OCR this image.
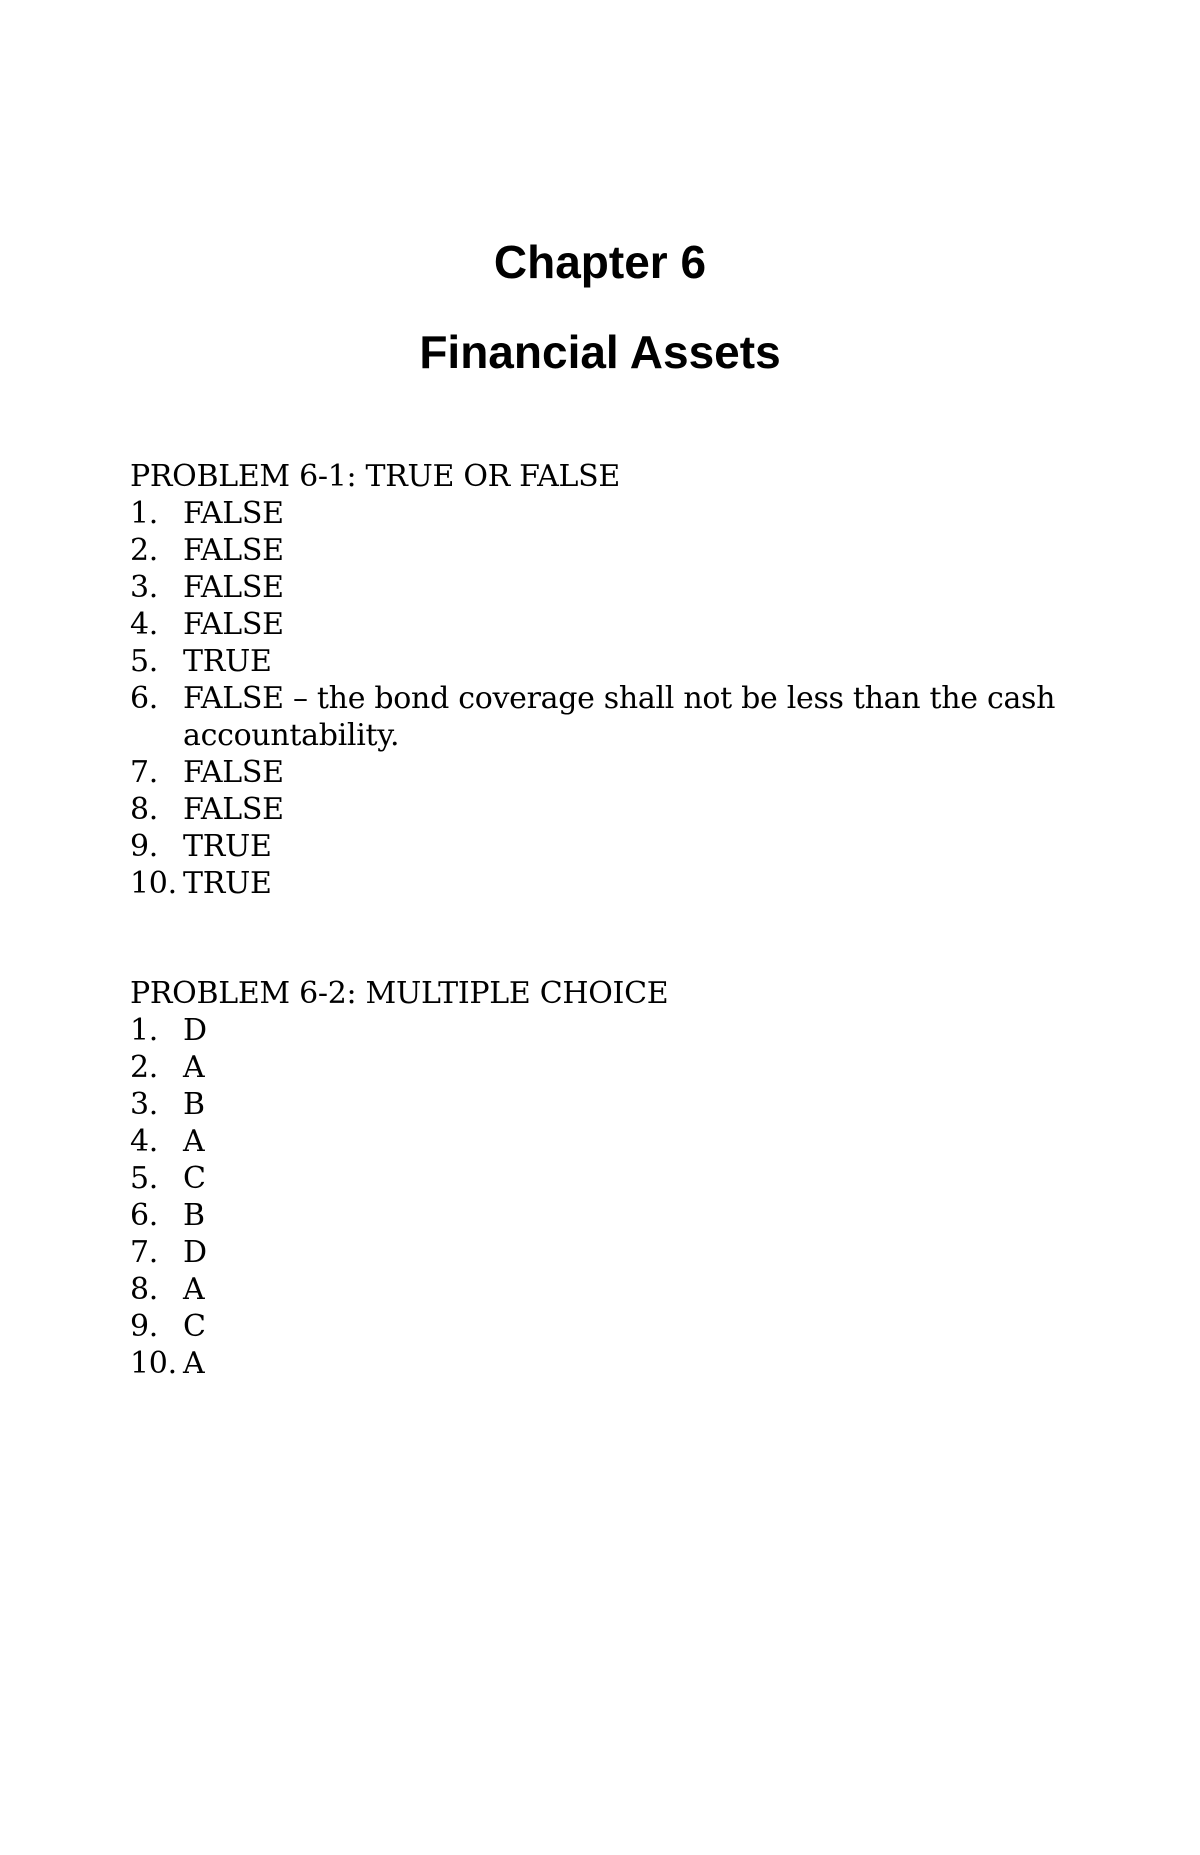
Chapter 6
Financial Assets
PROBLEM 6-1: TRUE OR FALSE
1. FALSE
2. FALSE
3. FALSE
4. FALSE
5. TRUE
6. FALSE – the bond coverage shall not be less than the cash accountability.
7. FALSE
8. FALSE
9. TRUE
10. TRUE
PROBLEM 6-2: MULTIPLE CHOICE
1. D
2. A
3. B
4. A
5. C
6. B
7. D
8. A
9. C
10. A
